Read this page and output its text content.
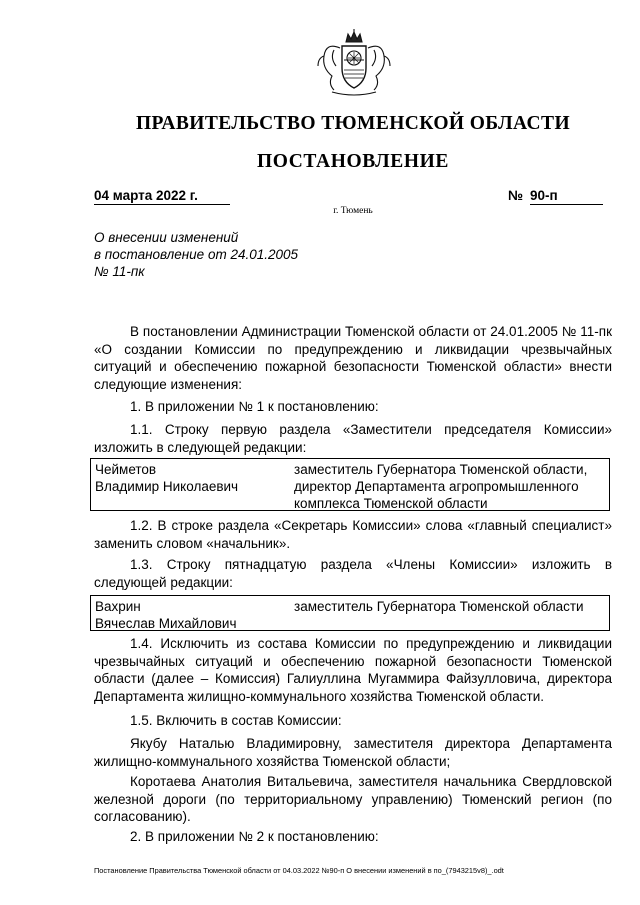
ПРАВИТЕЛЬСТВО ТЮМЕНСКОЙ ОБЛАСТИ
ПОСТАНОВЛЕНИЕ
04 марта 2022 г.	№ 90-п
г. Тюмень
О внесении изменений
в постановление от 24.01.2005
№ 11-пк
В постановлении Администрации Тюменской области от 24.01.2005 № 11-пк «О создании Комиссии по предупреждению и ликвидации чрезвычайных ситуаций и обеспечению пожарной безопасности Тюменской области» внести следующие изменения:
1. В приложении № 1 к постановлению:
1.1. Строку первую раздела «Заместители председателя Комиссии» изложить в следующей редакции:
1.2. В строке раздела «Секретарь Комиссии» слова «главный специалист» заменить словом «начальник».
1.3. Строку пятнадцатую раздела «Члены Комиссии» изложить в следующей редакции:
1.4. Исключить из состава Комиссии по предупреждению и ликвидации чрезвычайных ситуаций и обеспечению пожарной безопасности Тюменской области (далее – Комиссия) Галиуллина Мугаммира Файзулловича, директора Департамента жилищно-коммунального хозяйства Тюменской области.
1.5. Включить в состав Комиссии:
Якубу Наталью Владимировну, заместителя директора Департамента жилищно-коммунального хозяйства Тюменской области;
Коротаева Анатолия Витальевича, заместителя начальника Свердловской железной дороги (по территориальному управлению) Тюменский регион (по согласованию).
2. В приложении № 2 к постановлению:
Чейметов
Владимир Николаевич
заместитель Губернатора Тюменской области, директор Департамента агропромышленного комплекса Тюменской области
Вахрин
Вячеслав Михайлович
заместитель Губернатора Тюменской области
Постановление Правительства Тюменской области от 04.03.2022 №90-п О внесении изменений в по_(7943215v8)_.odt
